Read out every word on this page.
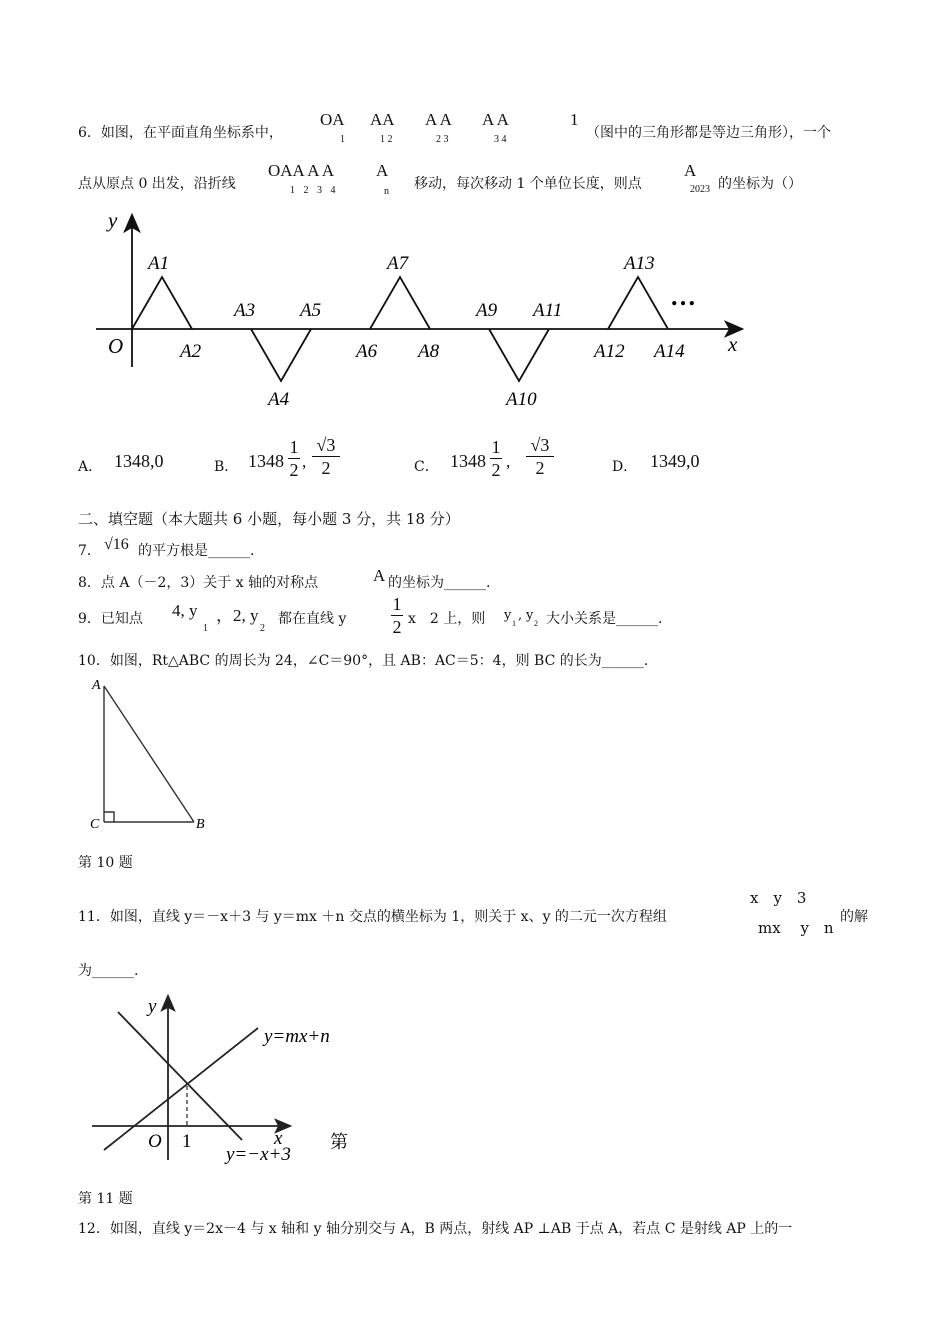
6．如图，在平面直角坐标系中，
OA
1
AA
1 2
A A
2 3
A A
3 4
1
（图中的三角形都是等边三角形），一个
点从原点 0 出发，沿折线
OAA A A
1 2 3 4
A
n 移动，每次移动 1 个单位长度，则点
A
2023 的坐标为（）
y
x
O
A1
A2
A3
A4
A5
A6
A7
A8
A9
A10
A11
A12
A13
A14
…
A． 1348,0	B． 1348
1
2 ,
√3
2	C． 1348
1
2 ,
√3
2	D． 1349,0
二、填空题（本大题共 6 小题，每小题 3 分，共 18 分）
7． √16 的平方根是______.
8．点 A（－2，3）关于 x 轴的对称点	A 的坐标为______.
9．已知点 4, y
1
，2, y
2
都在直线 y
1
2 x　2 上，则 y
1
, y
2 大小关系是______.
10．如图，Rt△ABC 的周长为 24，∠C＝90°，且 AB：AC＝5：4，则 BC 的长为______.
A
C	B
第 10 题
11．如图，直线 y＝－x＋3 与 y＝mx ＋n 交点的横坐标为 1，则关于 x、y 的二元一次方程组
x　y　3
mx　 y　n
的解
为______.
y
x
O 1
y=mx+n
y=−x+3
第
第 11 题
12．如图，直线 y＝2x－4 与 x 轴和 y 轴分别交与 A，B 两点，射线 AP ⊥AB 于点 A，若点 C 是射线 AP 上的一
